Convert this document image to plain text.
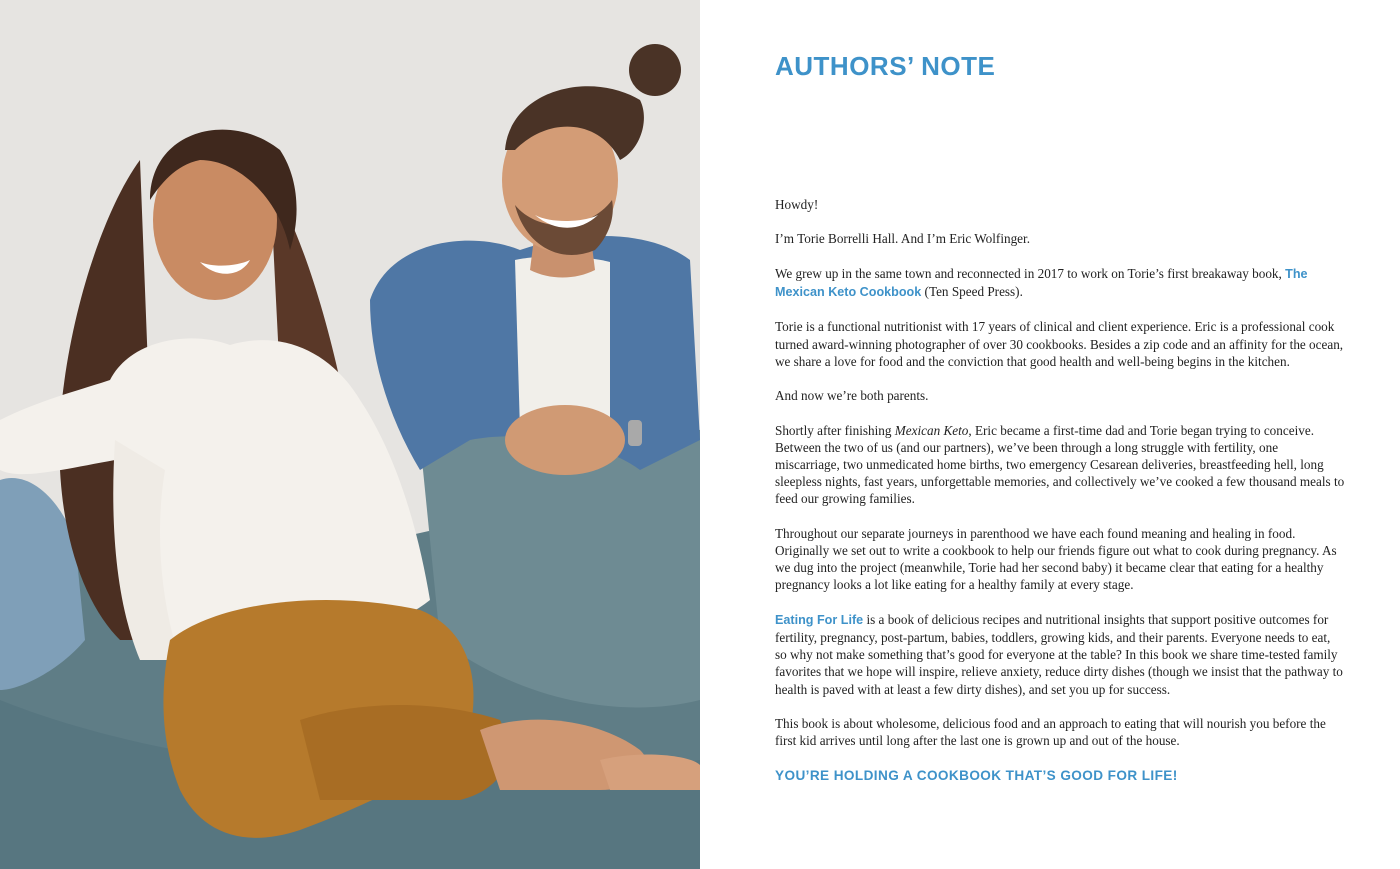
AUTHORS’ NOTE

Howdy!

I’m Torie Borrelli Hall. And I’m Eric Wolfinger.

We grew up in the same town and reconnected in 2017 to work on Torie’s first breakaway book, The Mexican Keto Cookbook (Ten Speed Press).

Torie is a functional nutritionist with 17 years of clinical and client experience. Eric is a professional cook turned award-winning photographer of over 30 cookbooks. Besides a zip code and an affinity for the ocean, we share a love for food and the conviction that good health and well-being begins in the kitchen.

And now we’re both parents.

Shortly after finishing Mexican Keto, Eric became a first-time dad and Torie began trying to conceive. Between the two of us (and our partners), we’ve been through a long struggle with fertility, one miscarriage, two unmedicated home births, two emergency Cesarean deliveries, breastfeeding hell, long sleepless nights, fast years, unforgettable memories, and collectively we’ve cooked a few thousand meals to feed our growing families.

Throughout our separate journeys in parenthood we have each found meaning and healing in food. Originally we set out to write a cookbook to help our friends figure out what to cook during pregnancy. As we dug into the project (meanwhile, Torie had her second baby) it became clear that eating for a healthy pregnancy looks a lot like eating for a healthy family at every stage.

Eating For Life is a book of delicious recipes and nutritional insights that support positive outcomes for fertility, pregnancy, post-partum, babies, toddlers, growing kids, and their parents. Everyone needs to eat, so why not make something that’s good for everyone at the table? In this book we share time-tested family favorites that we hope will inspire, relieve anxiety, reduce dirty dishes (though we insist that the pathway to health is paved with at least a few dirty dishes), and set you up for success.

This book is about wholesome, delicious food and an approach to eating that will nourish you before the first kid arrives until long after the last one is grown up and out of the house.

YOU’RE HOLDING A COOKBOOK THAT’S GOOD FOR LIFE!
